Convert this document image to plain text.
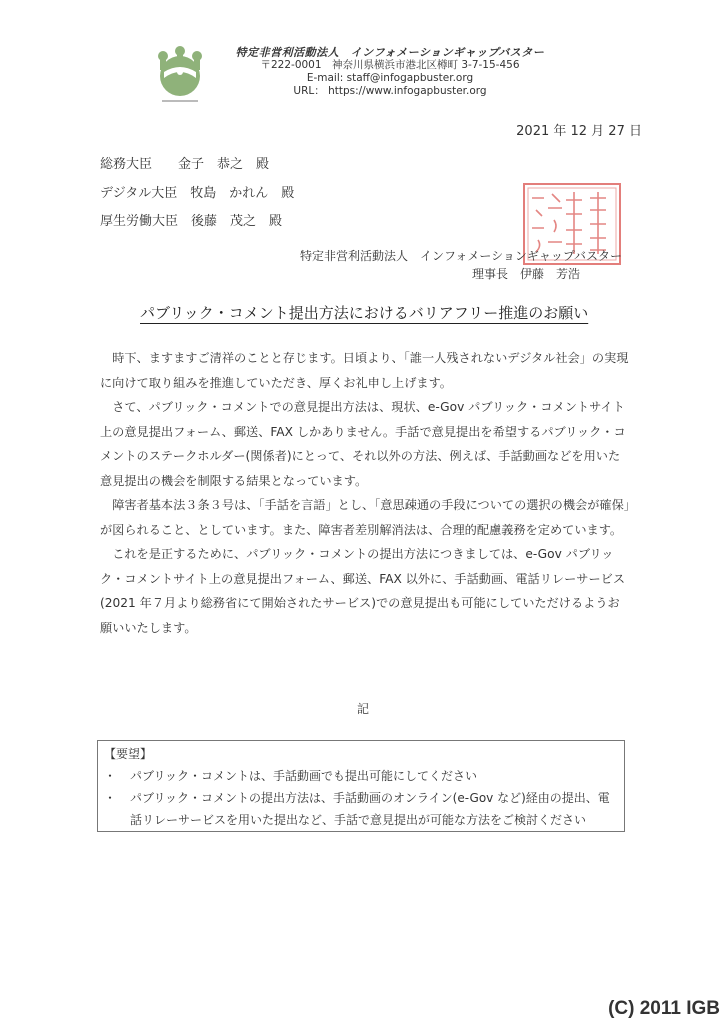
特定非営利活動法人　インフォメーションギャップバスター
〒222-0001　神奈川県横浜市港北区樽町 3-7-15-456
E-mail: staff@infogapbuster.org
URL： https://www.infogapbuster.org
2021 年 12 月 27 日
総務大臣　　金子　恭之　殿
デジタル大臣　牧島　かれん　殿
厚生労働大臣　後藤　茂之　殿
特定非営利活動法人　インフォメーションギャップバスター
理事長　伊藤　芳浩
パブリック・コメント提出方法におけるバリアフリー推進のお願い

時下、ますますご清祥のことと存じます。日頃より、「誰一人残されないデジタル社会」の実現に向けて取り組みを推進していただき、厚くお礼申し上げます。

さて、パブリック・コメントでの意見提出方法は、現状、e-Gov パブリック・コメントサイト上の意見提出フォーム、郵送、FAX しかありません。手話で意見提出を希望するパブリック・コメントのステークホルダー(関係者)にとって、それ以外の方法、例えば、手話動画などを用いた意見提出の機会を制限する結果となっています。

障害者基本法３条３号は、「手話を言語」とし、「意思疎通の手段についての選択の機会が確保」が図られること、としています。また、障害者差別解消法は、合理的配慮義務を定めています。

これを是正するために、パブリック・コメントの提出方法につきましては、e-Gov パブリック・コメントサイト上の意見提出フォーム、郵送、FAX 以外に、手話動画、電話リレーサービス(2021 年７月より総務省にて開始されたサービス)での意見提出も可能にしていただけるようお願いいたします。

記
【要望】
・	パブリック・コメントは、手話動画でも提出可能にしてください
・	パブリック・コメントの提出方法は、手話動画のオンライン(e-Gov など)経由の提出、電話リレーサービスを用いた提出など、手話で意見提出が可能な方法をご検討ください
(C) 2011 IGB
